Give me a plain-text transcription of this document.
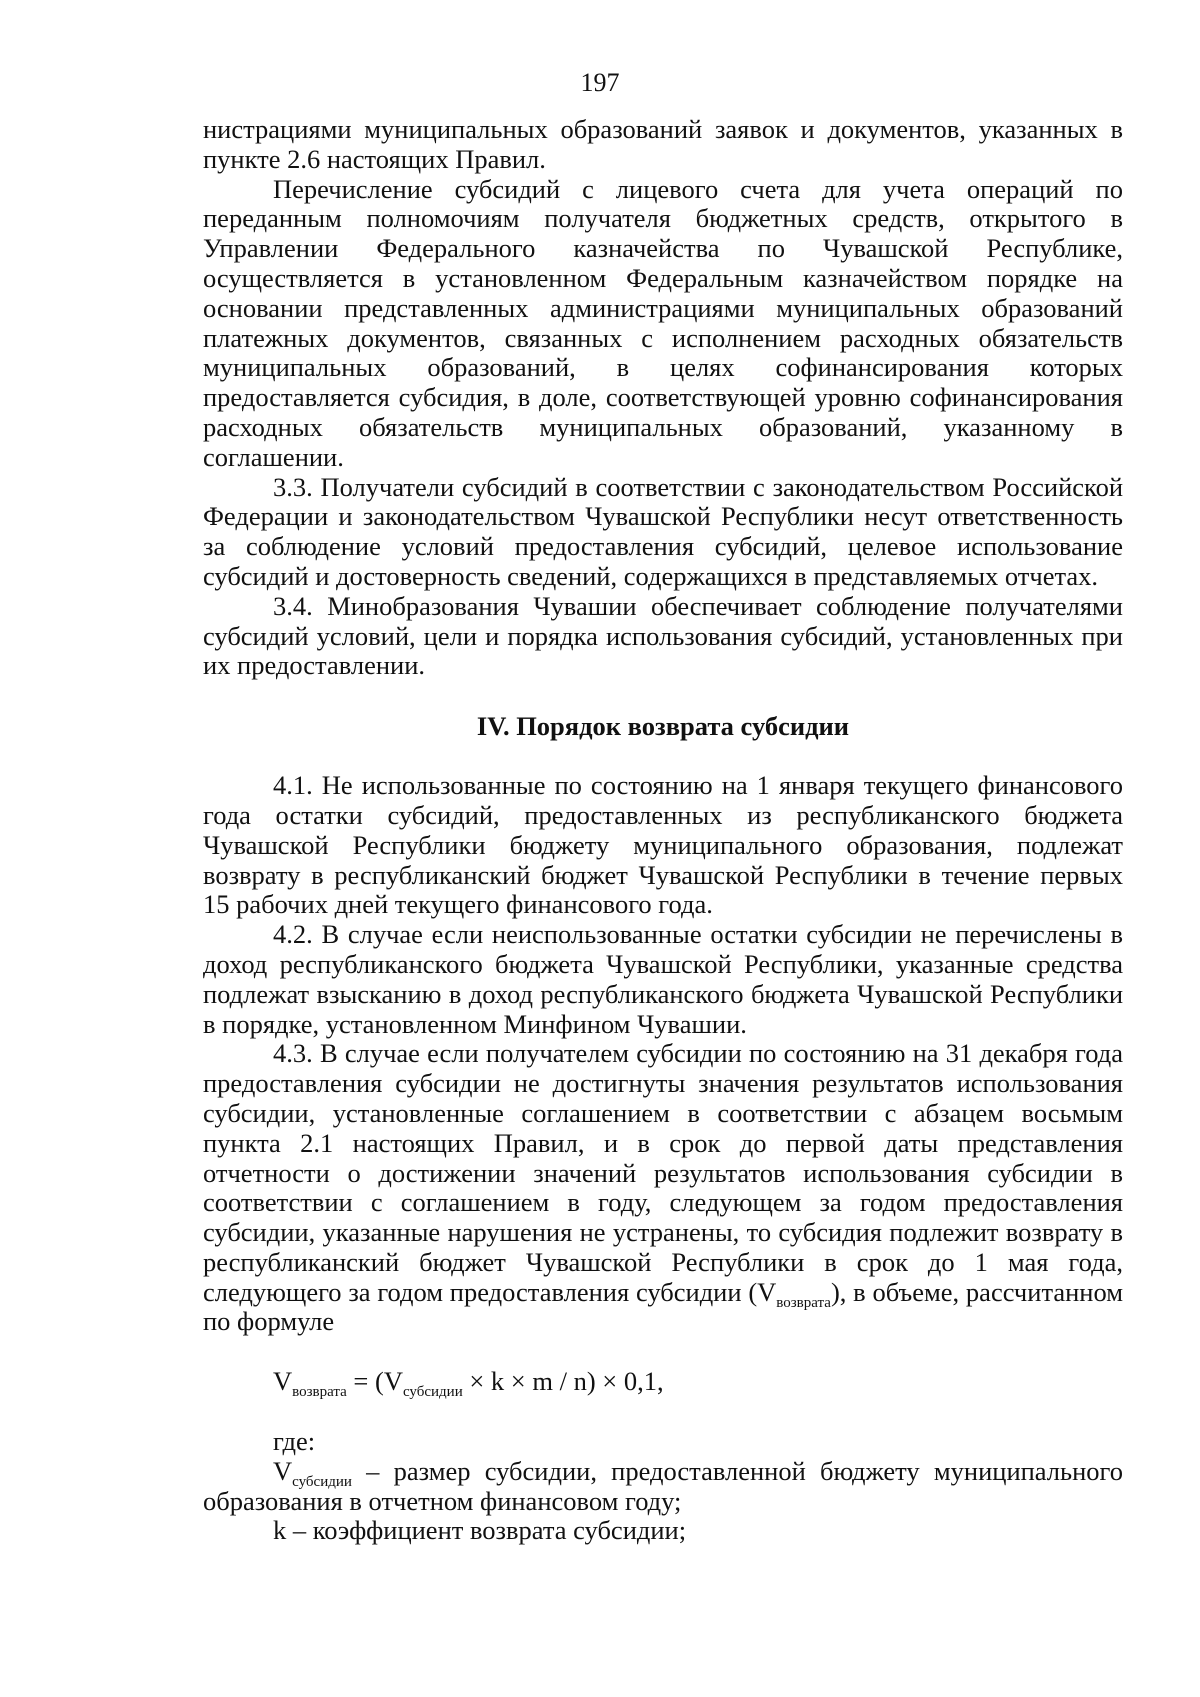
197

нистрациями муниципальных образований заявок и документов, указанных в пункте 2.6 настоящих Правил.

Перечисление субсидий с лицевого счета для учета операций по переданным полномочиям получателя бюджетных средств, открытого в Управлении Федерального казначейства по Чувашской Республике, осуществляется в установленном Федеральным казначейством порядке на основании представленных администрациями муниципальных образований платежных документов, связанных с исполнением расходных обязательств муниципальных образований, в целях софинансирования которых предоставляется субсидия, в доле, соответствующей уровню софинансирования расходных обязательств муниципальных образований, указанному в соглашении.

3.3. Получатели субсидий в соответствии с законодательством Российской Федерации и законодательством Чувашской Республики несут ответственность за соблюдение условий предоставления субсидий, целевое использование субсидий и достоверность сведений, содержащихся в представляемых отчетах.

3.4. Минобразования Чувашии обеспечивает соблюдение получателями субсидий условий, цели и порядка использования субсидий, установленных при их предоставлении.

IV. Порядок возврата субсидии

4.1. Не использованные по состоянию на 1 января текущего финансового года остатки субсидий, предоставленных из республиканского бюджета Чувашской Республики бюджету муниципального образования, подлежат возврату в республиканский бюджет Чувашской Республики в течение первых 15 рабочих дней текущего финансового года.

4.2. В случае если неиспользованные остатки субсидии не перечислены в доход республиканского бюджета Чувашской Республики, указанные средства подлежат взысканию в доход республиканского бюджета Чувашской Республики в порядке, установленном Минфином Чувашии.

4.3. В случае если получателем субсидии по состоянию на 31 декабря года предоставления субсидии не достигнуты значения результатов использования субсидии, установленные соглашением в соответствии с абзацем восьмым пункта 2.1 настоящих Правил, и в срок до первой даты представления отчетности о достижении значений результатов использования субсидии в соответствии с соглашением в году, следующем за годом предоставления субсидии, указанные нарушения не устранены, то субсидия подлежит возврату в республиканский бюджет Чувашской Республики в срок до 1 мая года, следующего за годом предоставления субсидии $(V_{возврата})$, в объеме, рассчитанном по формуле

$V_{возврата} = (V_{субсидии} \times k \times m / n) \times 0,1$,

где:

$V_{субсидии}$ – размер субсидии, предоставленной бюджету муниципального образования в отчетном финансовом году;

k – коэффициент возврата субсидии;
